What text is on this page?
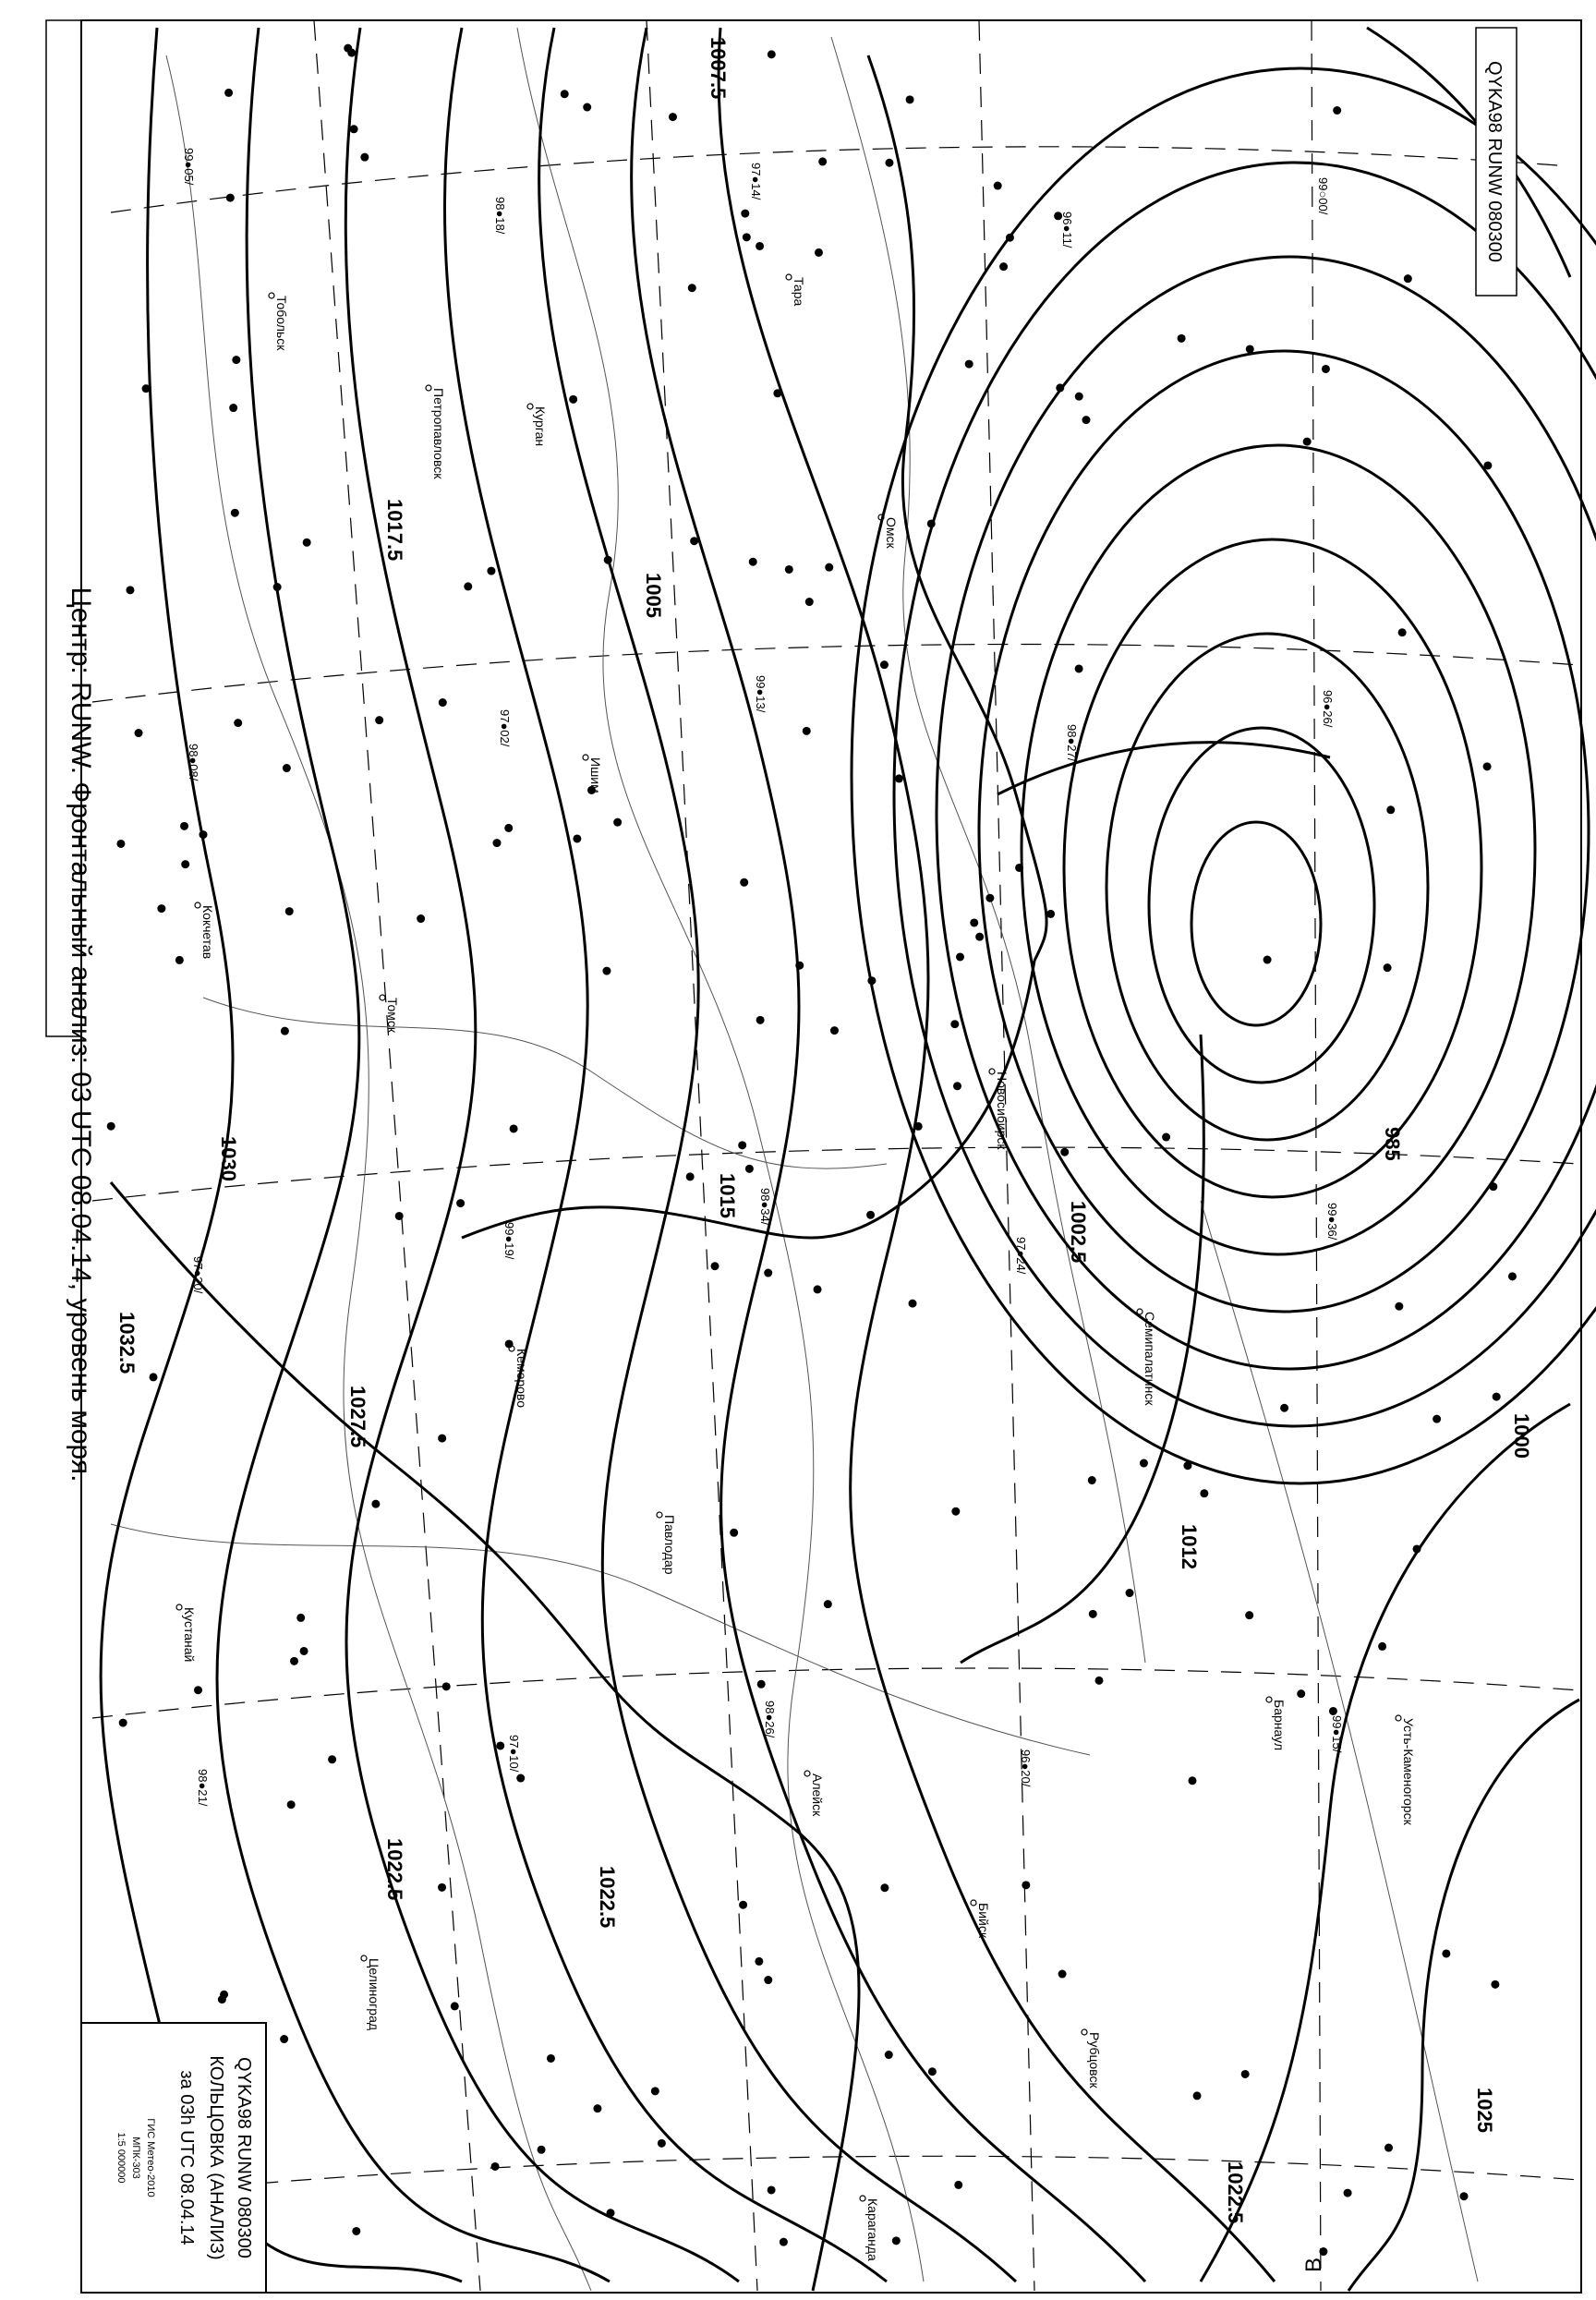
99●05/
98●18/
97●14/
96●11/
99○00/
98●08/
97●02/
99●13/
98●27/
96●26/
97●20/
99●19/
98●34/
97●24/
99●36/
98●21/
97●10/
98●26/
96●20/
99●15/
985
1000
1002.5
1005
1012
1015
1017.5
1022.5
1022.5
1025
1027.5
1030
1032.5
1007.5
1022.5
Курган
Омск
Новосибирск
Барнаул
Кокчетав
Петропавловск
Павлодар
Семипалатинск
Усть-Каменогорск
Томск
Кемерово
Тара
Тобольск
Ишим
Алейск
Бийск
Рубцовск
Караганда
Целиноград
Кустанай
В
Центр: RUNW. Фронтальный анализ: 03 UTC 08.04.14, уровень моря.
QYKA98 RUNW 080300
QYKA98 RUNW 080300
КОЛЬЦОВКА (АНАЛИЗ)
за 03h UTC 08.04.14
ГИС Метео-2010
МПК-303
1:5 000000
